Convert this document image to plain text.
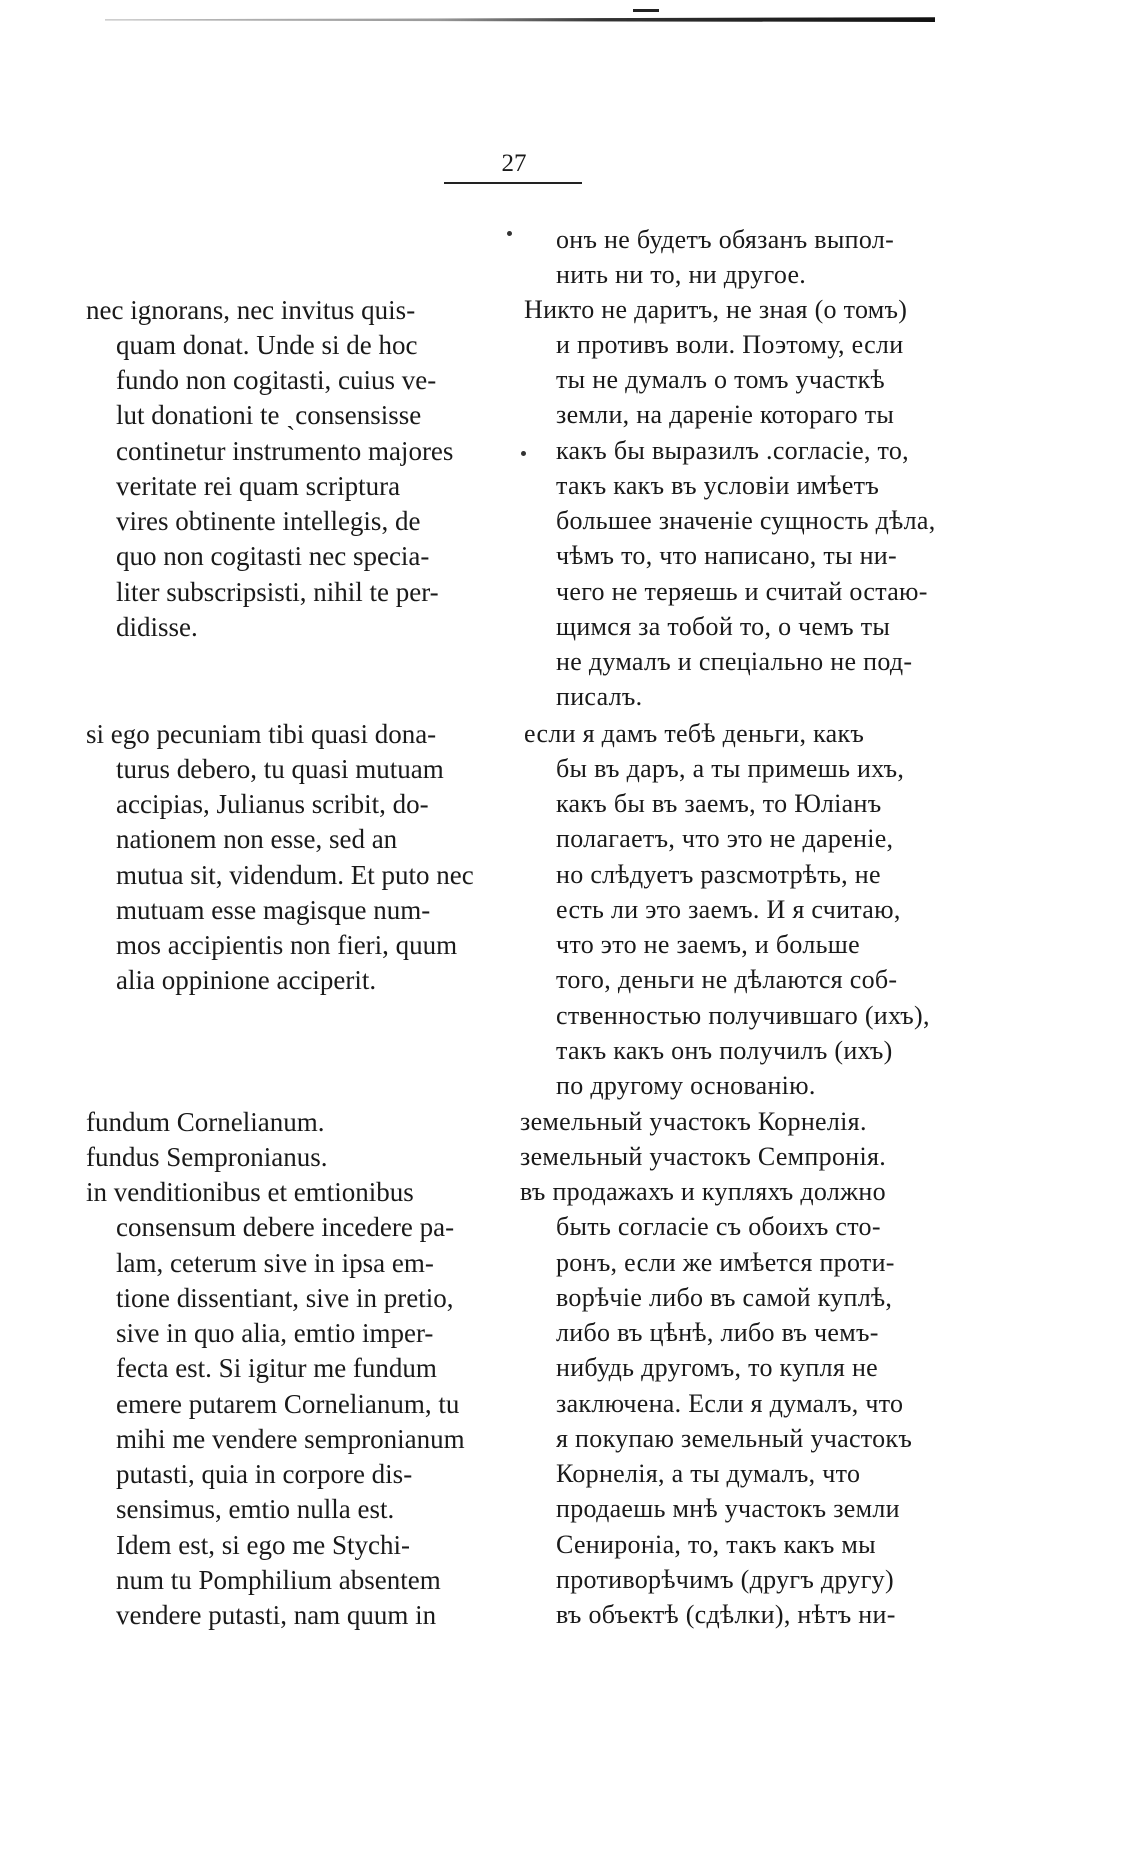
27
nec ignorans, nec invitus quis-
quam donat. Unde si de hoc
fundo non cogitasti, cuius ve-
lut donationi te ˎconsensisse
continetur instrumento majores
veritate rei quam scriptura
vires obtinente intellegis, de
quo non cogitasti nec specia-
liter subscripsisti, nihil te per-
didisse.
si ego pecuniam tibi quasi dona-
turus debero, tu quasi mutuam
accipias, Julianus scribit, do-
nationem non esse, sed an
mutua sit, videndum. Et puto nec
mutuam esse magisque num-
mos accipientis non fieri, quum
alia oppinione acciperit.
fundum Cornelianum.
fundus Sempronianus.
in venditionibus et emtionibus
consensum debere incedere pa-
lam, ceterum sive in ipsa em-
tione dissentiant, sive in pretio,
sive in quo alia, emtio imper-
fecta est. Si igitur me fundum
emere putarem Cornelianum, tu
mihi me vendere sempronianum
putasti, quia in corpore dis-
sensimus, emtio nulla est.
Idem est, si ego me Stychi-
num tu Pomphilium absentem
vendere putasti, nam quum in
онъ не будетъ обязанъ выпол-
нить ни то, ни другое.
Никто не даритъ, не зная (о томъ)
и противъ воли. Поэтому, если
ты не думалъ о томъ участкѣ
земли, на дареніе котораго ты
какъ бы выразилъ .согласіе, то,
такъ какъ въ условіи имѣетъ
большее значеніе сущность дѣла,
чѣмъ то, что написано, ты ни-
чего не теряешь и считай остаю-
щимся за тобой то, о чемъ ты
не думалъ и спеціально не под-
писалъ.
если я дамъ тебѣ деньги, какъ
бы въ даръ, а ты примешь ихъ,
какъ бы въ заемъ, то Юліанъ
полагаетъ, что это не дареніе,
но слѣдуетъ разсмотрѣть, не
есть ли это заемъ. И я считаю,
что это не заемъ, и больше
того, деньги не дѣлаются соб-
ственностью получившаго (ихъ),
такъ какъ онъ получилъ (ихъ)
по другому основанію.
земельный участокъ Корнелія.
земельный участокъ Семпронія.
въ продажахъ и купляхъ должно
быть согласіе съ обоихъ сто-
ронъ, если же имѣется проти-
ворѣчіе либо въ самой куплѣ,
либо въ цѣнѣ, либо въ чемъ-
нибудь другомъ, то купля не
заключена. Если я думалъ, что
я покупаю земельный участокъ
Корнелія, а ты думалъ, что
продаешь мнѣ участокъ земли
Сенироніа, то, такъ какъ мы
противорѣчимъ (другъ другу)
въ объектѣ (сдѣлки), нѣтъ ни-
